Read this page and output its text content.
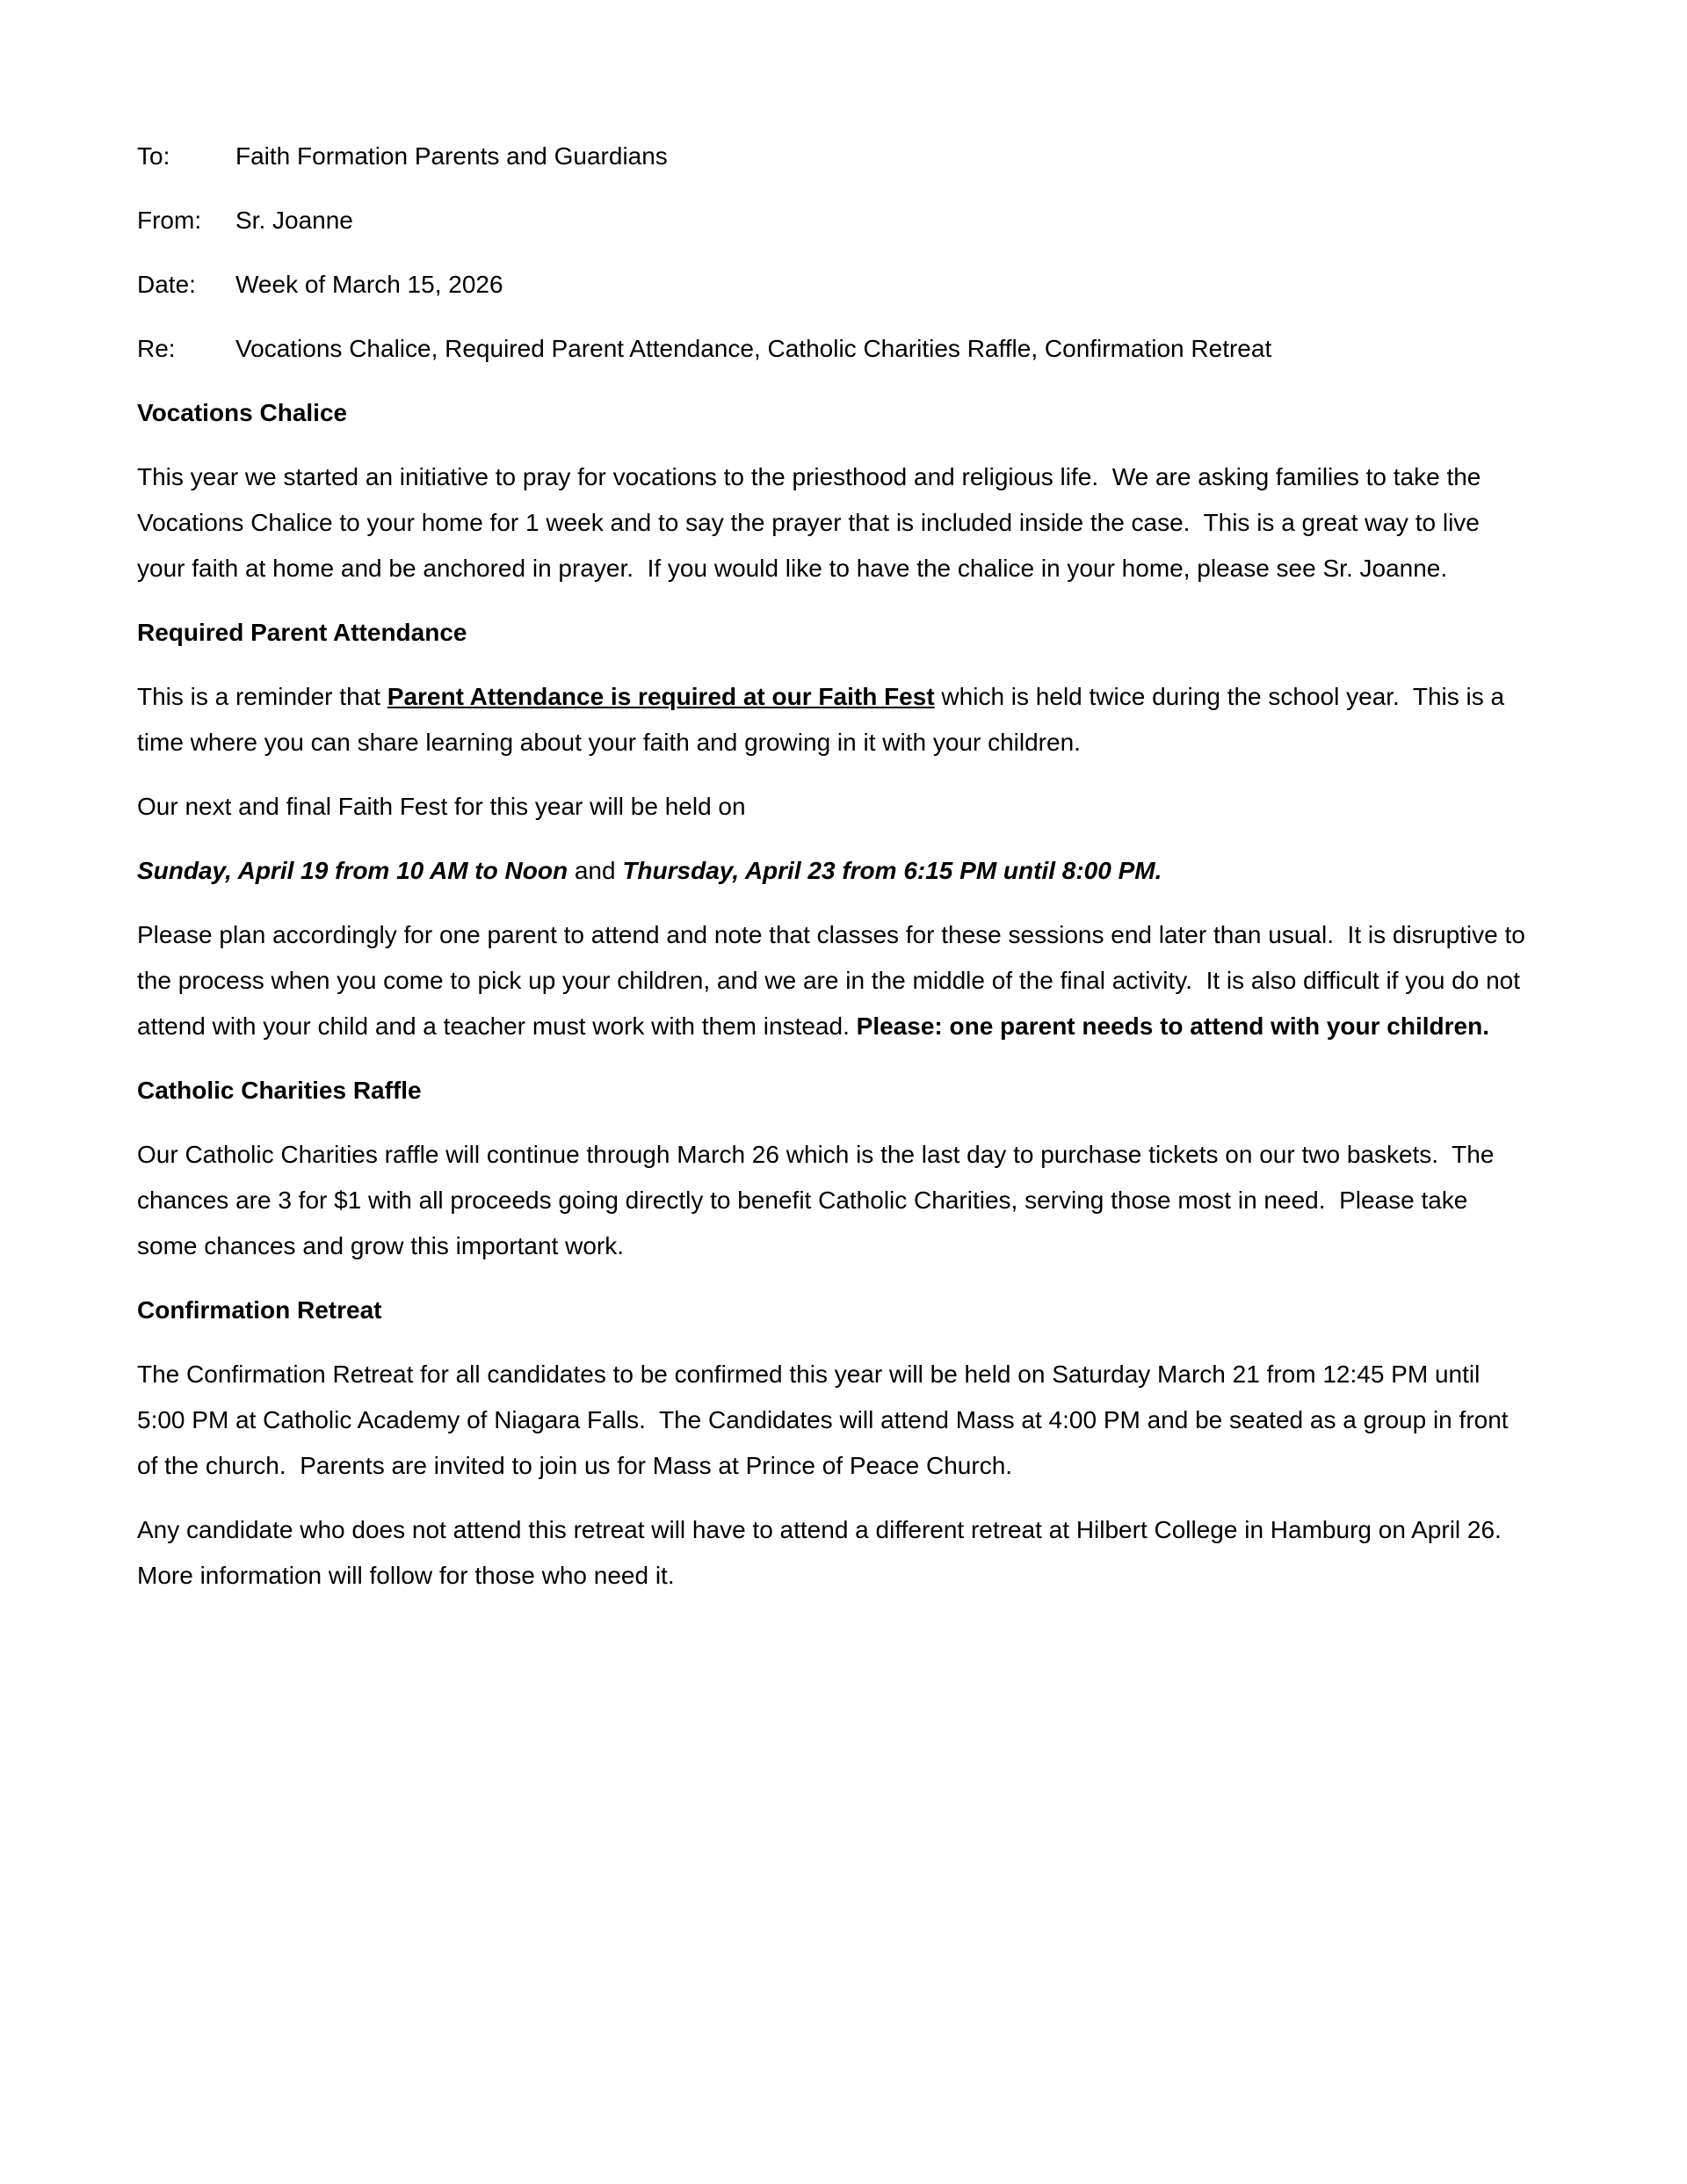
To:	Faith Formation Parents and Guardians
From:	Sr. Joanne
Date:	Week of March 15, 2026
Re:	Vocations Chalice, Required Parent Attendance, Catholic Charities Raffle, Confirmation Retreat
Vocations Chalice

This year we started an initiative to pray for vocations to the priesthood and religious life.  We are asking families to take the Vocations Chalice to your home for 1 week and to say the prayer that is included inside the case.  This is a great way to live your faith at home and be anchored in prayer.  If you would like to have the chalice in your home, please see Sr. Joanne.

Required Parent Attendance

This is a reminder that Parent Attendance is required at our Faith Fest which is held twice during the school year.  This is a time where you can share learning about your faith and growing in it with your children.

Our next and final Faith Fest for this year will be held on

Sunday, April 19 from 10 AM to Noon and Thursday, April 23 from 6:15 PM until 8:00 PM.

Please plan accordingly for one parent to attend and note that classes for these sessions end later than usual.  It is disruptive to the process when you come to pick up your children, and we are in the middle of the final activity.  It is also difficult if you do not attend with your child and a teacher must work with them instead. Please: one parent needs to attend with your children.

Catholic Charities Raffle

Our Catholic Charities raffle will continue through March 26 which is the last day to purchase tickets on our two baskets.  The chances are 3 for $1 with all proceeds going directly to benefit Catholic Charities, serving those most in need.  Please take some chances and grow this important work.

Confirmation Retreat

The Confirmation Retreat for all candidates to be confirmed this year will be held on Saturday March 21 from 12:45 PM until 5:00 PM at Catholic Academy of Niagara Falls.  The Candidates will attend Mass at 4:00 PM and be seated as a group in front of the church.  Parents are invited to join us for Mass at Prince of Peace Church.

Any candidate who does not attend this retreat will have to attend a different retreat at Hilbert College in Hamburg on April 26.  More information will follow for those who need it.
